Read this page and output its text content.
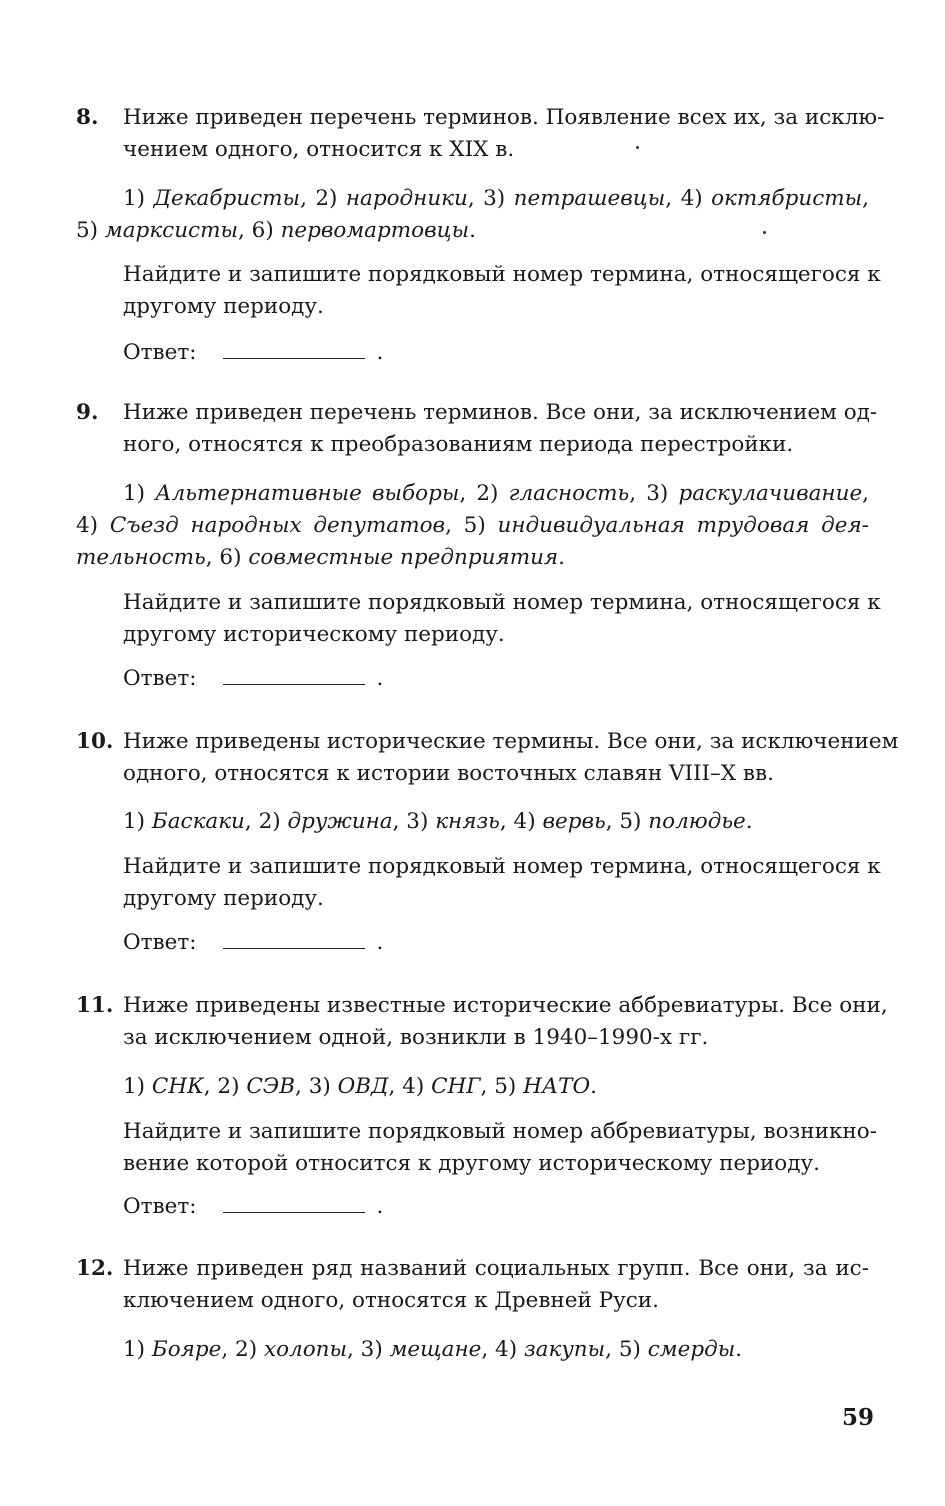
8. Ниже приведен перечень терминов. Появление всех их, за исклю-
чением одного, относится к XIX в.
1) Декабристы, 2) народники, 3) петрашевцы, 4) октябристы,
5) марксисты, 6) первомартовцы.
Найдите и запишите порядковый номер термина, относящегося к
другому периоду.
Ответ:	.
9. Ниже приведен перечень терминов. Все они, за исключением од-
ного, относятся к преобразованиям периода перестройки.
1) Альтернативные выборы, 2) гласность, 3) раскулачивание,
4) Съезд народных депутатов, 5) индивидуальная трудовая дея-
тельность, 6) совместные предприятия.
Найдите и запишите порядковый номер термина, относящегося к
другому историческому периоду.
Ответ:	.
10. Ниже приведены исторические термины. Все они, за исключением
одного, относятся к истории восточных славян VIII–X вв.
1) Баскаки, 2) дружина, 3) князь, 4) вервь, 5) полюдье.
Найдите и запишите порядковый номер термина, относящегося к
другому периоду.
Ответ:	.
11. Ниже приведены известные исторические аббревиатуры. Все они,
за исключением одной, возникли в 1940–1990-х гг.
1) СНК, 2) СЭВ, 3) ОВД, 4) СНГ, 5) НАТО.
Найдите и запишите порядковый номер аббревиатуры, возникно-
вение которой относится к другому историческому периоду.
Ответ:	.
12. Ниже приведен ряд названий социальных групп. Все они, за ис-
ключением одного, относятся к Древней Руси.
1) Бояре, 2) холопы, 3) мещане, 4) закупы, 5) смерды.
59
